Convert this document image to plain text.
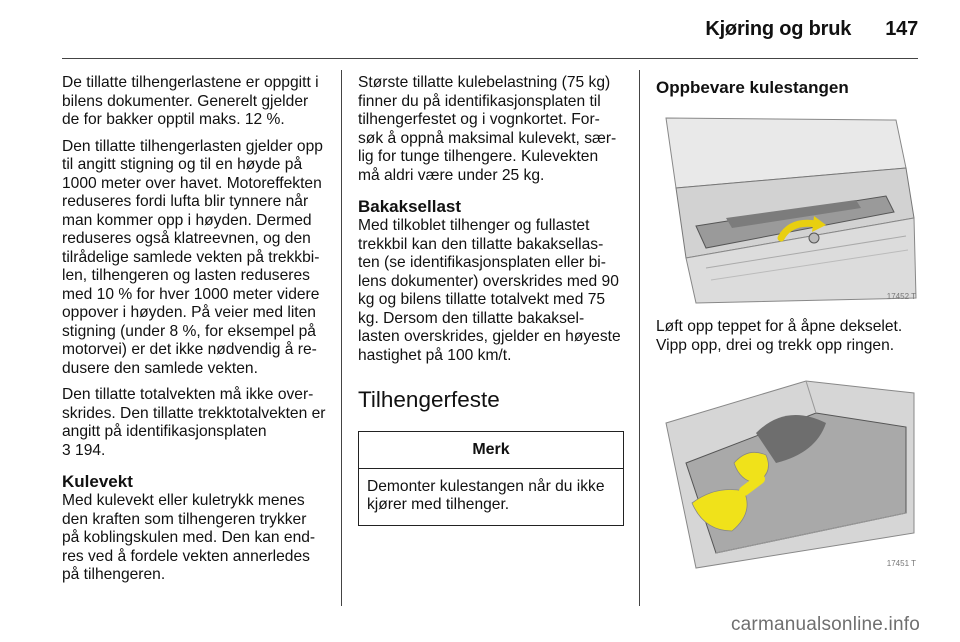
Kjøring og bruk 147

De tillatte tilhengerlastene er oppgitt i bilens dokumenter. Generelt gjelder de for bakker opptil maks. 12 %.

Den tillatte tilhengerlasten gjelder opp til angitt stigning og til en høyde på 1000 meter over havet. Motoreffekten reduseres fordi lufta blir tynnere når man kommer opp i høyden. Dermed reduseres også klatreevnen, og den tilrådelige samlede vekten på trekkbi-len, tilhengeren og lasten reduseres med 10 % for hver 1000 meter videre oppover i høyden. På veier med liten stigning (under 8 %, for eksempel på motorvei) er det ikke nødvendig å re-dusere den samlede vekten.

Den tillatte totalvekten må ikke over-skrides. Den tillatte trekktotalvekten er angitt på identifikasjonsplaten
3 194.

Kulevekt

Med kulevekt eller kuletrykk menes den kraften som tilhengeren trykker på koblingskulen med. Den kan end-res ved å fordele vekten annerledes på tilhengeren.

Største tillatte kulebelastning (75 kg) finner du på identifikasjonsplaten til tilhengerfestet og i vognkortet. For-søk å oppnå maksimal kulevekt, sær-lig for tunge tilhengere. Kulevekten må aldri være under 25 kg.

Bakaksellast

Med tilkoblet tilhenger og fullastet trekkbil kan den tillatte bakaksellas-ten (se identifikasjonsplaten eller bi-lens dokumenter) overskrides med 90 kg og bilens tillatte totalvekt med 75 kg. Dersom den tillatte bakaksel-lasten overskrides, gjelder en høyeste hastighet på 100 km/t.

Tilhengerfeste
Merk
Demonter kulestangen når du ikke kjører med tilhenger.
Oppbevare kulestangen
17452 T

Løft opp teppet for å åpne dekselet. Vipp opp, drei og trekk opp ringen.

17451 T
carmanualsonline.info
